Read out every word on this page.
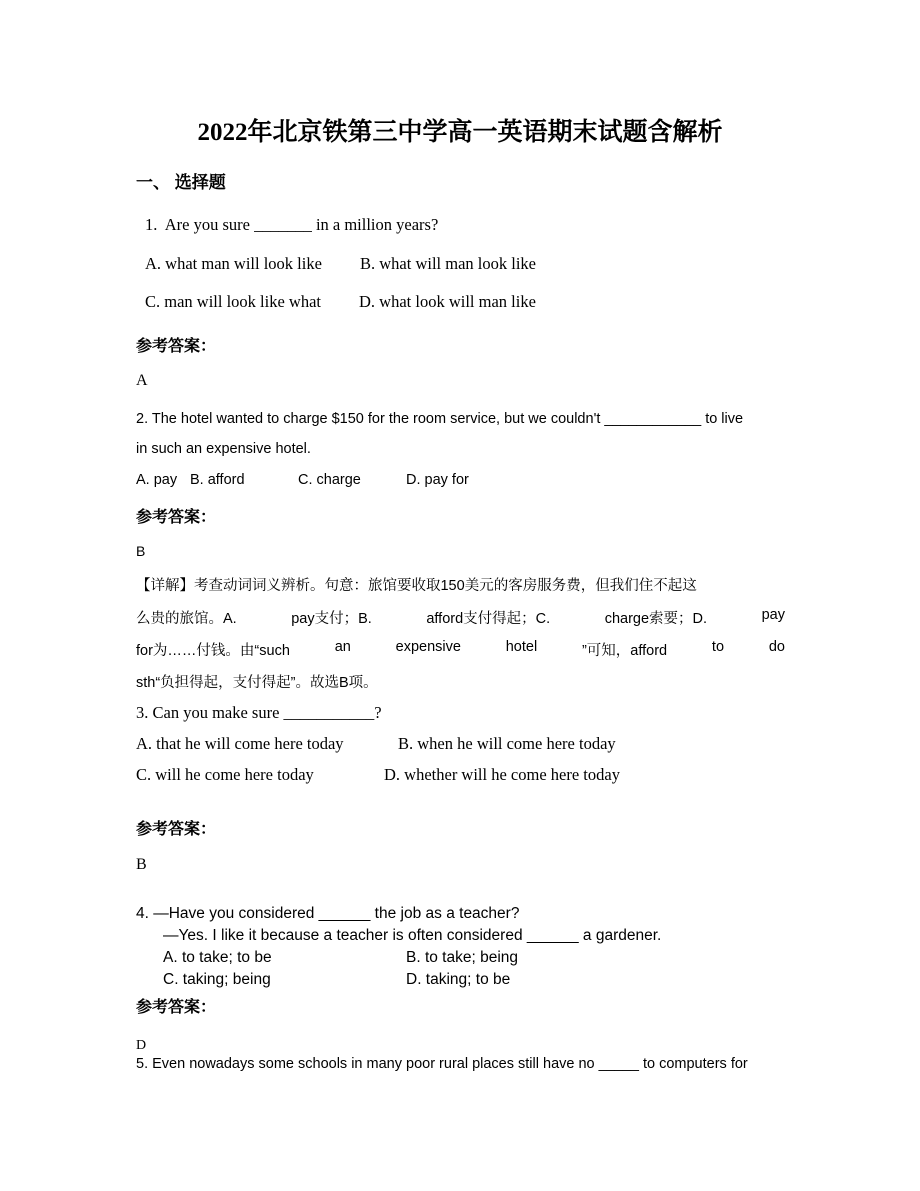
2022年北京铁第三中学高一英语期末试题含解析
一、 选择题
1.  Are you sure _______ in a million years?
A. what man will look like B. what will man look like
C. man will look like what D. what look will man like
参考答案：
A
2. The hotel wanted to charge $150 for the room service, but we couldn't ____________ to live
in such an expensive hotel.
A. pay B. afford	C. charge	D. pay for
参考答案：
B
【详解】考查动词词义辨析。句意：旅馆要收取150美元的客房服务费，但我们住不起这
么贵的旅馆。A.	pay支付；B.	afford支付得起；C.	charge索要；D.	pay
for为……付钱。由“such	an	expensive	hotel	”可知，afford	to	do
sth“负担得起，支付得起”。故选B项。
3. Can you make sure ___________?
A. that he will come here today	B. when he will come here today
C. will he come here today	D. whether will he come here today
参考答案：
B
4. —Have you considered ______ the job as a teacher?
—Yes. I like it because a teacher is often considered ______ a gardener.
A. to take; to be	B. to take; being
C. taking; being	D. taking; to be
参考答案：
D
5. Even nowadays some schools in many poor rural places still have no _____ to computers for
